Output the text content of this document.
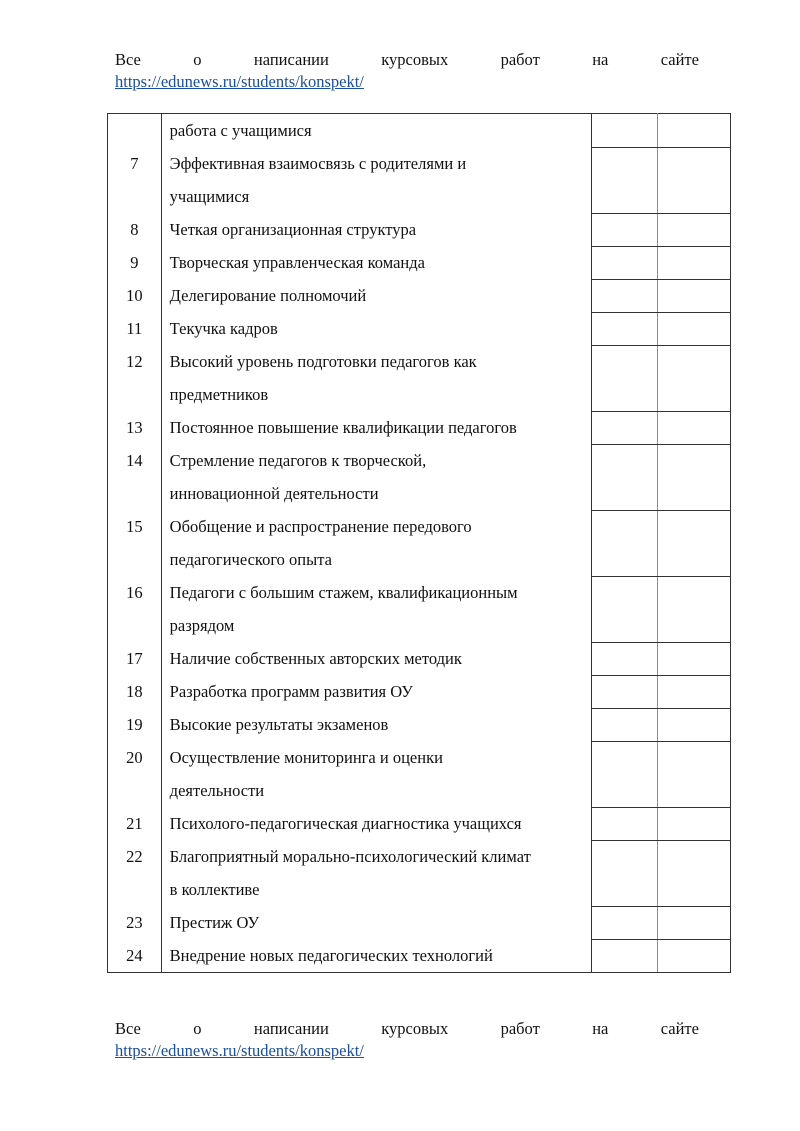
Все	о	написании	курсовых	работ	на	сайте
https://edunews.ru/students/konspekt/

	работа с учащимися		

7	Эффективная взаимосвязь с родителями и
учащимися		

8	Четкая организационная структура		

9	Творческая управленческая команда		

10	Делегирование полномочий		

11	Текучка кадров		

12	Высокий уровень подготовки педагогов как
предметников		

13	Постоянное повышение квалификации педагогов		

14	Стремление педагогов к творческой,
инновационной деятельности		

15	Обобщение и распространение передового
педагогического опыта		

16	Педагоги с большим стажем, квалификационным
разрядом		

17	Наличие собственных авторских методик		

18	Разработка программ развития ОУ		

19	Высокие результаты экзаменов		

20	Осуществление мониторинга и оценки
деятельности		

21	Психолого-педагогическая диагностика учащихся		

22	Благоприятный морально-психологический климат
в коллективе		

23	Престиж ОУ		

24	Внедрение новых педагогических технологий		

Все	о	написании	курсовых	работ	на	сайте
https://edunews.ru/students/konspekt/
